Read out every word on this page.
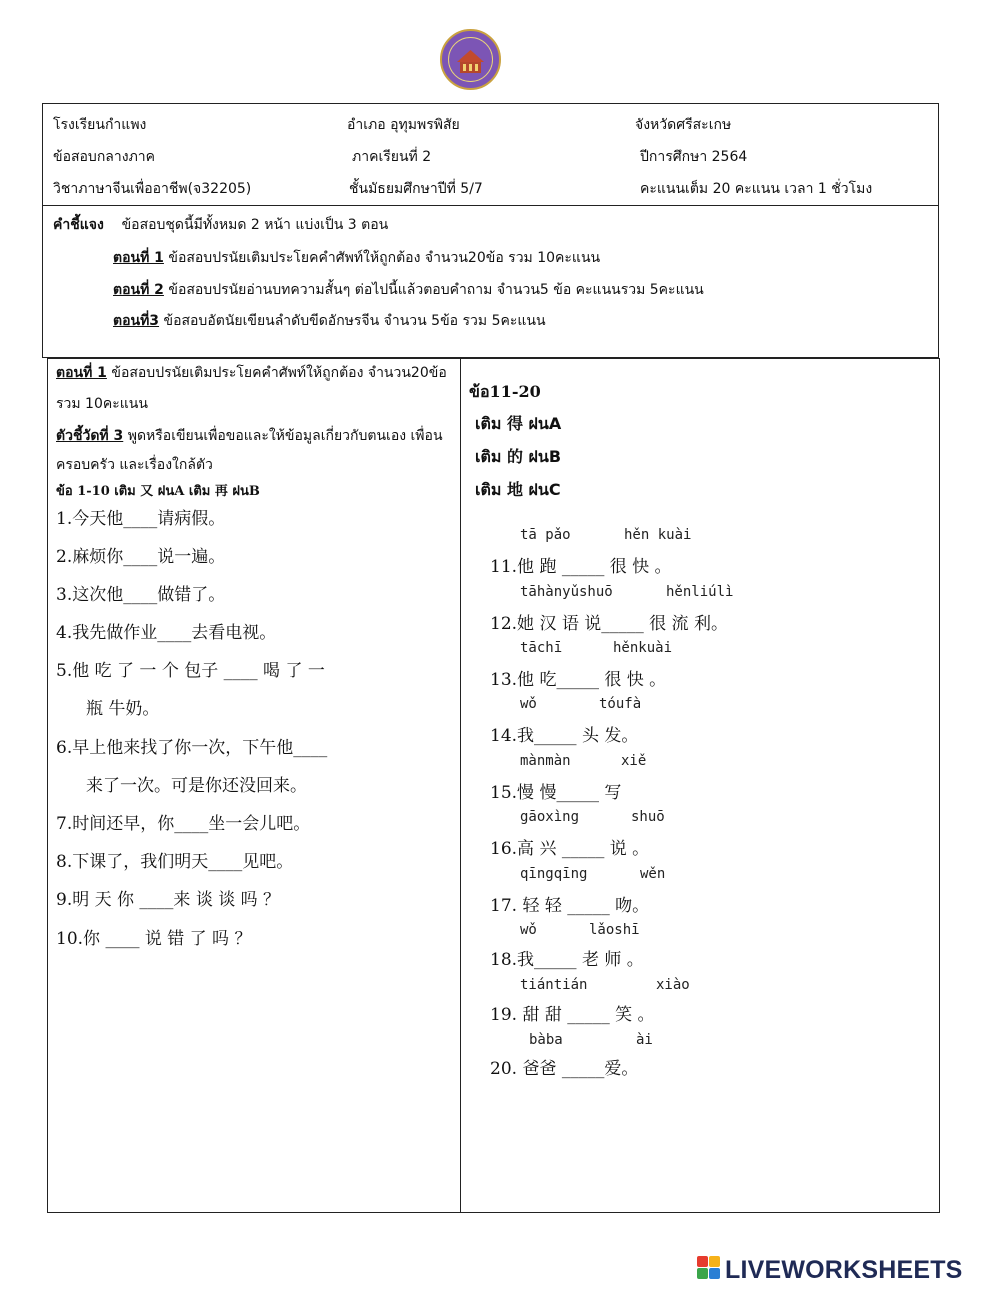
โรงเรียนกำแพง	อำเภอ อุทุมพรพิสัย	จังหวัดศรีสะเกษ
ข้อสอบกลางภาค	ภาคเรียนที่ 2	ปีการศึกษา 2564
วิชาภาษาจีนเพื่ออาชีพ(จ32205)	ชั้นมัธยมศึกษาปีที่ 5/7	คะแนนเต็ม 20 คะแนน เวลา 1 ชั่วโมง
คำชี้แจง ข้อสอบชุดนี้มีทั้งหมด 2 หน้า แบ่งเป็น 3 ตอน
ตอนที่ 1 ข้อสอบปรนัยเติมประโยคคำศัพท์ให้ถูกต้อง จำนวน20ข้อ รวม 10คะแนน
ตอนที่ 2 ข้อสอบปรนัยอ่านบทความสั้นๆ ต่อไปนี้แล้วตอบคำถาม จำนวน5 ข้อ คะแนนรวม 5คะแนน
ตอนที่3 ข้อสอบอัตนัยเขียนลำดับขีดอักษรจีน จำนวน 5ข้อ รวม 5คะแนน
ตอนที่ 1 ข้อสอบปรนัยเติมประโยคคำศัพท์ให้ถูกต้อง จำนวน20ข้อ
รวม 10คะแนน
ตัวชี้วัดที่ 3 พูดหรือเขียนเพื่อขอและให้ข้อมูลเกี่ยวกับตนเอง เพื่อน
ครอบครัว และเรื่องใกล้ตัว
ข้อ 1-10 เติม 又 ฝนA เติม 再 ฝนB
1.今天他____请病假。
2.麻烦你____说一遍。
3.这次他____做错了。
4.我先做作业____去看电视。
5.他 吃 了 一 个 包子 ____ 喝 了 一
瓶 牛奶。
6.早上他来找了你一次，下午他____
来了一次。可是你还没回来。
7.时间还早，你____坐一会儿吧。
8.下课了，我们明天____见吧。
9.明 天 你 ____来 谈 谈 吗 ？
10.你 ____ 说 错 了 吗 ？
ข้อ11-20
เติม 得 ฝนA
เติม 的 ฝนB
เติม 地 ฝนC
tā pǎo	hěn kuài
11.他 跑 _____ 很 快 。
tāhànyǔshuō	hěnliúlì
12.她 汉 语 说_____ 很 流 利。
tāchī	hěnkuài
13.他 吃_____ 很 快 。
wǒ	tóufà
14.我_____ 头 发。
mànmàn	xiě
15.慢 慢_____ 写
gāoxìng	shuō
16.高 兴 _____ 说 。
qīngqīng	wěn
17. 轻 轻 _____ 吻。
wǒ	lǎoshī
18.我_____ 老 师 。
tiántián	xiào
19. 甜 甜 _____ 笑 。
bàba	ài
20. 爸爸 _____爱。
LIVEWORKSHEETS
